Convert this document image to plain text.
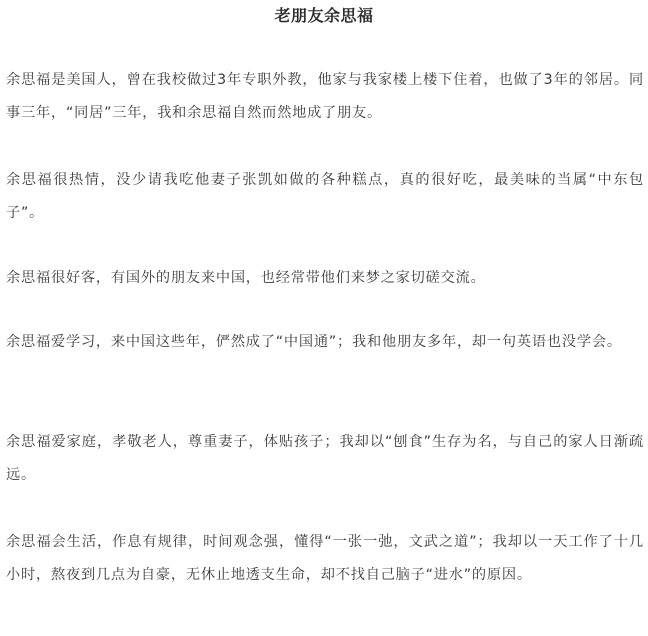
老朋友余思福

余思福是美国人，曾在我校做过3年专职外教，他家与我家楼上楼下住着，也做了3年的邻居。同事三年，“同居”三年，我和余思福自然而然地成了朋友。

余思福很热情，没少请我吃他妻子张凯如做的各种糕点，真的很好吃，最美味的当属“中东包子”。

余思福很好客，有国外的朋友来中国，也经常带他们来梦之家切磋交流。

余思福爱学习，来中国这些年，俨然成了“中国通”；我和他朋友多年，却一句英语也没学会。

余思福爱家庭，孝敬老人，尊重妻子，体贴孩子；我却以“刨食”生存为名，与自己的家人日渐疏远。

余思福会生活，作息有规律，时间观念强，懂得“一张一弛，文武之道”；我却以一天工作了十几小时，熬夜到几点为自豪，无休止地透支生命，却不找自己脑子“进水”的原因。
